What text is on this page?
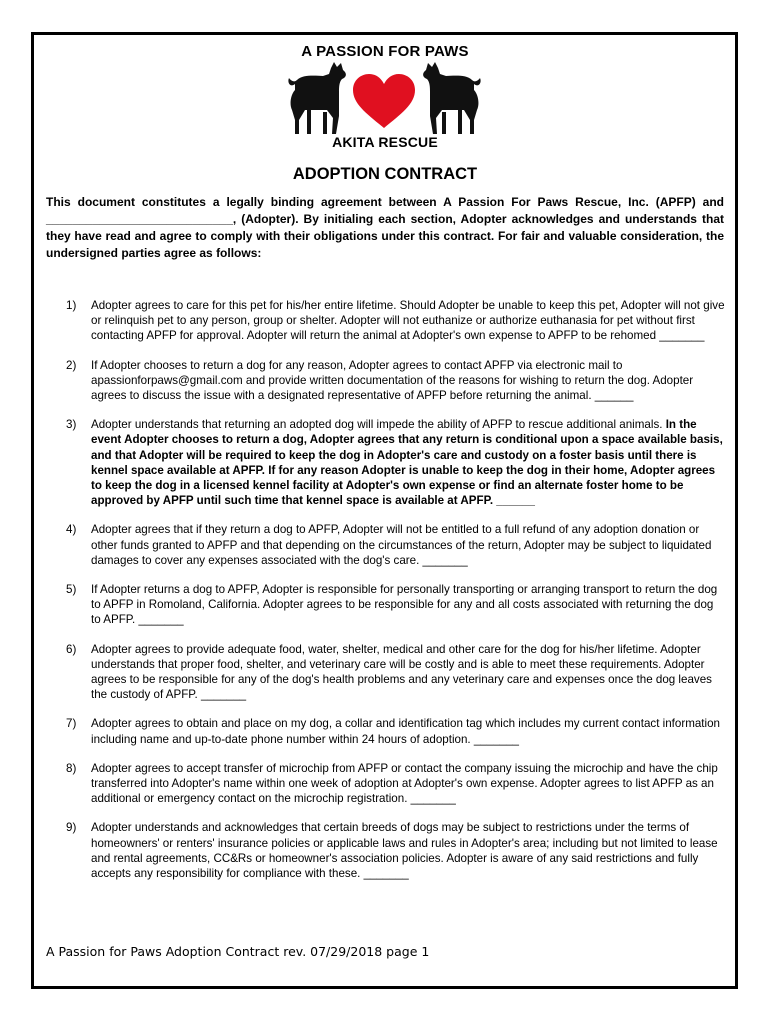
A PASSION FOR PAWS
AKITA RESCUE
ADOPTION CONTRACT

This document constitutes a legally binding agreement between A Passion For Paws Rescue, Inc. (APFP) and ____________________________, (Adopter). By initialing each section, Adopter acknowledges and understands that they have read and agree to comply with their obligations under this contract. For fair and valuable consideration, the undersigned parties agree as follows:

1) Adopter agrees to care for this pet for his/her entire lifetime. Should Adopter be unable to keep this pet, Adopter will not give or relinquish pet to any person, group or shelter. Adopter will not euthanize or authorize euthanasia for pet without first contacting APFP for approval. Adopter will return the animal at Adopter's own expense to APFP to be rehomed _______
2) If Adopter chooses to return a dog for any reason, Adopter agrees to contact APFP via electronic mail to apassionforpaws@gmail.com and provide written documentation of the reasons for wishing to return the dog. Adopter agrees to discuss the issue with a designated representative of APFP before returning the animal. ______
3) Adopter understands that returning an adopted dog will impede the ability of APFP to rescue additional animals. In the event Adopter chooses to return a dog, Adopter agrees that any return is conditional upon a space available basis, and that Adopter will be required to keep the dog in Adopter's care and custody on a foster basis until there is kennel space available at APFP. If for any reason Adopter is unable to keep the dog in their home, Adopter agrees to keep the dog in a licensed kennel facility at Adopter's own expense or find an alternate foster home to be approved by APFP until such time that kennel space is available at APFP. ______
4) Adopter agrees that if they return a dog to APFP, Adopter will not be entitled to a full refund of any adoption donation or other funds granted to APFP and that depending on the circumstances of the return, Adopter may be subject to liquidated damages to cover any expenses associated with the dog's care. _______
5) If Adopter returns a dog to APFP, Adopter is responsible for personally transporting or arranging transport to return the dog to APFP in Romoland, California. Adopter agrees to be responsible for any and all costs associated with returning the dog to APFP. _______
6) Adopter agrees to provide adequate food, water, shelter, medical and other care for the dog for his/her lifetime. Adopter understands that proper food, shelter, and veterinary care will be costly and is able to meet these requirements. Adopter agrees to be responsible for any of the dog's health problems and any veterinary care and expenses once the dog leaves the custody of APFP. _______
7) Adopter agrees to obtain and place on my dog, a collar and identification tag which includes my current contact information including name and up-to-date phone number within 24 hours of adoption. _______
8) Adopter agrees to accept transfer of microchip from APFP or contact the company issuing the microchip and have the chip transferred into Adopter's name within one week of adoption at Adopter's own expense. Adopter agrees to list APFP as an additional or emergency contact on the microchip registration. _______
9) Adopter understands and acknowledges that certain breeds of dogs may be subject to restrictions under the terms of homeowners' or renters' insurance policies or applicable laws and rules in Adopter's area; including but not limited to lease and rental agreements, CC&Rs or homeowner's association policies. Adopter is aware of any said restrictions and fully accepts any responsibility for compliance with these. _______
A Passion for Paws Adoption Contract rev. 07/29/2018 page 1
